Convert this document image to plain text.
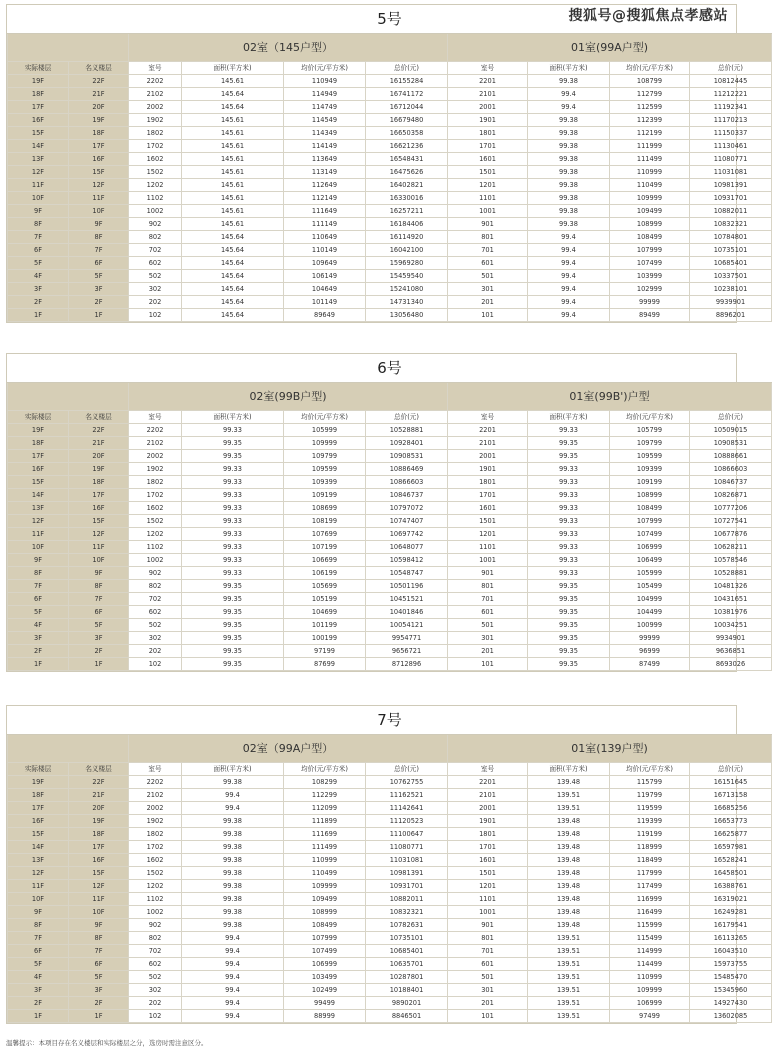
5号									
		02室（145户型）				01室(99A户型)			
实际楼层	名义楼层	室号	面积(平方米)	均价(元/平方米)	总价(元)	室号	面积(平方米)	均价(元/平方米)	总价(元)
19F	22F	2202	145.61	110949	16155284	2201	99.38	108799	10812445
18F	21F	2102	145.64	114949	16741172	2101	99.4	112799	11212221
17F	20F	2002	145.64	114749	16712044	2001	99.4	112599	11192341
16F	19F	1902	145.61	114549	16679480	1901	99.38	112399	11170213
15F	18F	1802	145.61	114349	16650358	1801	99.38	112199	11150337
14F	17F	1702	145.61	114149	16621236	1701	99.38	111999	11130461
13F	16F	1602	145.61	113649	16548431	1601	99.38	111499	11080771
12F	15F	1502	145.61	113149	16475626	1501	99.38	110999	11031081
11F	12F	1202	145.61	112649	16402821	1201	99.38	110499	10981391
10F	11F	1102	145.61	112149	16330016	1101	99.38	109999	10931701
9F	10F	1002	145.61	111649	16257211	1001	99.38	109499	10882011
8F	9F	902	145.61	111149	16184406	901	99.38	108999	10832321
7F	8F	802	145.64	110649	16114920	801	99.4	108499	10784801
6F	7F	702	145.64	110149	16042100	701	99.4	107999	10735101
5F	6F	602	145.64	109649	15969280	601	99.4	107499	10685401
4F	5F	502	145.64	106149	15459540	501	99.4	103999	10337501
3F	3F	302	145.64	104649	15241080	301	99.4	102999	10238101
2F	2F	202	145.64	101149	14731340	201	99.4	99999	9939901
1F	1F	102	145.64	89649	13056480	101	99.4	89499	8896201
搜狐号@搜狐焦点孝感站
6号									
		02室(99B户型)				01室(99B')户型			
实际楼层	名义楼层	室号	面积(平方米)	均价(元/平方米)	总价(元)	室号	面积(平方米)	均价(元/平方米)	总价(元)
19F	22F	2202	99.33	105999	10528881	2201	99.33	105799	10509015
18F	21F	2102	99.35	109999	10928401	2101	99.35	109799	10908531
17F	20F	2002	99.35	109799	10908531	2001	99.35	109599	10888661
16F	19F	1902	99.33	109599	10886469	1901	99.33	109399	10866603
15F	18F	1802	99.33	109399	10866603	1801	99.33	109199	10846737
14F	17F	1702	99.33	109199	10846737	1701	99.33	108999	10826871
13F	16F	1602	99.33	108699	10797072	1601	99.33	108499	10777206
12F	15F	1502	99.33	108199	10747407	1501	99.33	107999	10727541
11F	12F	1202	99.33	107699	10697742	1201	99.33	107499	10677876
10F	11F	1102	99.33	107199	10648077	1101	99.33	106999	10628211
9F	10F	1002	99.33	106699	10598412	1001	99.33	106499	10578546
8F	9F	902	99.33	106199	10548747	901	99.33	105999	10528881
7F	8F	802	99.35	105699	10501196	801	99.35	105499	10481326
6F	7F	702	99.35	105199	10451521	701	99.35	104999	10431651
5F	6F	602	99.35	104699	10401846	601	99.35	104499	10381976
4F	5F	502	99.35	101199	10054121	501	99.35	100999	10034251
3F	3F	302	99.35	100199	9954771	301	99.35	99999	9934901
2F	2F	202	99.35	97199	9656721	201	99.35	96999	9636851
1F	1F	102	99.35	87699	8712896	101	99.35	87499	8693026
7号									
		02室（99A户型）				01室(139户型)			
实际楼层	名义楼层	室号	面积(平方米)	均价(元/平方米)	总价(元)	室号	面积(平方米)	均价(元/平方米)	总价(元)
19F	22F	2202	99.38	108299	10762755	2201	139.48	115799	16151645
18F	21F	2102	99.4	112299	11162521	2101	139.51	119799	16713158
17F	20F	2002	99.4	112099	11142641	2001	139.51	119599	16685256
16F	19F	1902	99.38	111899	11120523	1901	139.48	119399	16653773
15F	18F	1802	99.38	111699	11100647	1801	139.48	119199	16625877
14F	17F	1702	99.38	111499	11080771	1701	139.48	118999	16597981
13F	16F	1602	99.38	110999	11031081	1601	139.48	118499	16528241
12F	15F	1502	99.38	110499	10981391	1501	139.48	117999	16458501
11F	12F	1202	99.38	109999	10931701	1201	139.48	117499	16388761
10F	11F	1102	99.38	109499	10882011	1101	139.48	116999	16319021
9F	10F	1002	99.38	108999	10832321	1001	139.48	116499	16249281
8F	9F	902	99.38	108499	10782631	901	139.48	115999	16179541
7F	8F	802	99.4	107999	10735101	801	139.51	115499	16113265
6F	7F	702	99.4	107499	10685401	701	139.51	114999	16043510
5F	6F	602	99.4	106999	10635701	601	139.51	114499	15973755
4F	5F	502	99.4	103499	10287801	501	139.51	110999	15485470
3F	3F	302	99.4	102499	10188401	301	139.51	109999	15345960
2F	2F	202	99.4	99499	9890201	201	139.51	106999	14927430
1F	1F	102	99.4	88999	8846501	101	139.51	97499	13602085
温馨提示：本项目存在名义楼层和实际楼层之分，选房时需注意区分。
